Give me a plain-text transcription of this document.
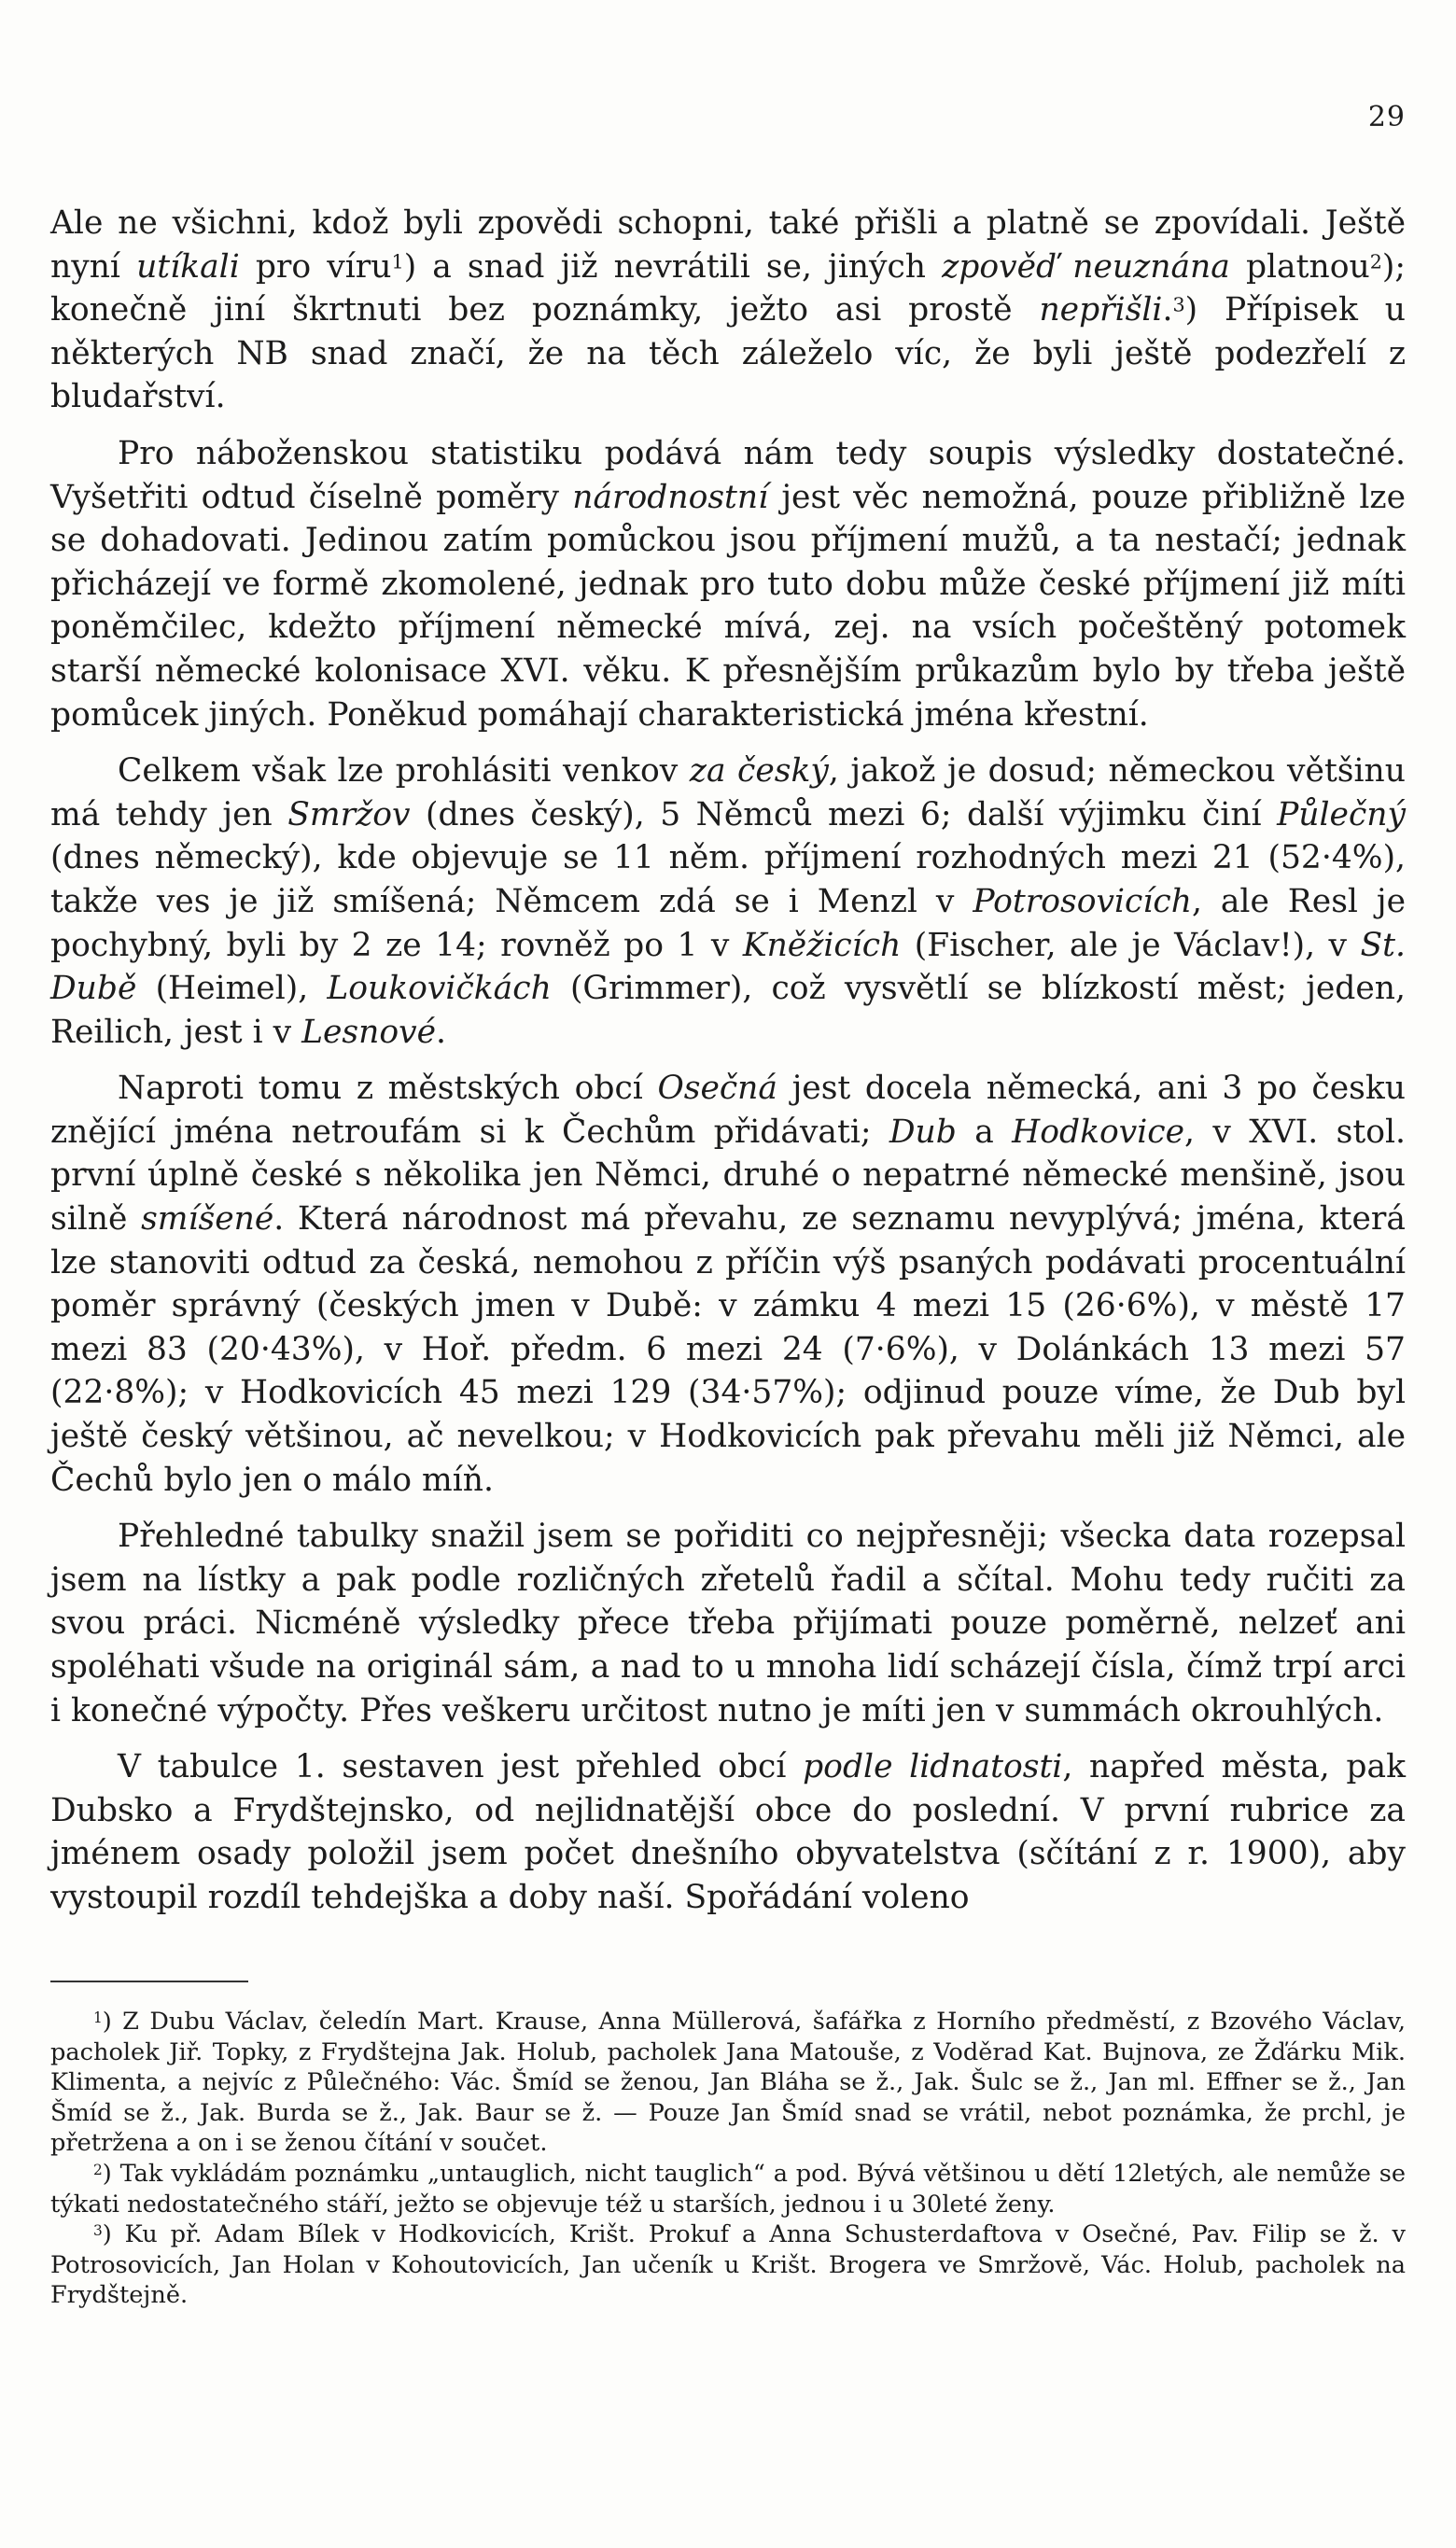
29

Ale ne všichni, kdož byli zpovědi schopni, také přišli a platně se zpovídali. Ještě nyní utíkali pro víru$^1$) a snad již nevrátili se, jiných zpověď neuznána platnou$^2$); konečně jiní škrtnuti bez poznámky, ježto asi prostě nepřišli.$^3$) Přípisek u některých NB snad značí, že na těch záleželo víc, že byli ještě podezřelí z bludařství.

Pro náboženskou statistiku podává nám tedy soupis výsledky dostatečné. Vyšetřiti odtud číselně poměry národnostní jest věc nemožná, pouze přibližně lze se dohadovati. Jedinou zatím pomůckou jsou příjmení mužů, a ta nestačí; jednak přicházejí ve formě zkomolené, jednak pro tuto dobu může české příjmení již míti poněmčilec, kdežto příjmení německé mívá, zej. na vsích počeštěný potomek starší německé kolonisace XVI. věku. K přesnějším průkazům bylo by třeba ještě pomůcek jiných. Poněkud pomáhají charakteristická jména křestní.

Celkem však lze prohlásiti venkov za český, jakož je dosud; německou většinu má tehdy jen Smržov (dnes český), 5 Němců mezi 6; další výjimku činí Půlečný (dnes německý), kde objevuje se 11 něm. příjmení rozhodných mezi 21 (52·4%), takže ves je již smíšená; Němcem zdá se i Menzl v Potrosovicích, ale Resl je pochybný, byli by 2 ze 14; rovněž po 1 v Kněžicích (Fischer, ale je Václav!), v St. Dubě (Heimel), Loukovičkách (Grimmer), což vysvětlí se blízkostí měst; jeden, Reilich, jest i v Lesnové.

Naproti tomu z městských obcí Osečná jest docela německá, ani 3 po česku znějící jména netroufám si k Čechům přidávati; Dub a Hodkovice, v XVI. stol. první úplně české s několika jen Němci, druhé o nepatrné německé menšině, jsou silně smíšené. Která národnost má převahu, ze seznamu nevyplývá; jména, která lze stanoviti odtud za česká, nemohou z příčin výš psaných podávati procentuální poměr správný (českých jmen v Dubě: v zámku 4 mezi 15 (26·6%), v městě 17 mezi 83 (20·43%), v Hoř. předm. 6 mezi 24 (7·6%), v Dolánkách 13 mezi 57 (22·8%); v Hodkovicích 45 mezi 129 (34·57%); odjinud pouze víme, že Dub byl ještě český většinou, ač nevelkou; v Hodkovicích pak převahu měli již Němci, ale Čechů bylo jen o málo míň.

Přehledné tabulky snažil jsem se pořiditi co nejpřesněji; všecka data rozepsal jsem na lístky a pak podle rozličných zřetelů řadil a sčítal. Mohu tedy ručiti za svou práci. Nicméně výsledky přece třeba přijímati pouze poměrně, nelzeť ani spoléhati všude na originál sám, a nad to u mnoha lidí scházejí čísla, čímž trpí arci i konečné výpočty. Přes veškeru určitost nutno je míti jen v summách okrouhlých.

V tabulce 1. sestaven jest přehled obcí podle lidnatosti, napřed města, pak Dubsko a Frydštejnsko, od nejlidnatější obce do poslední. V první rubrice za jménem osady položil jsem počet dnešního obyvatelstva (sčítání z r. 1900), aby vystoupil rozdíl tehdejška a doby naší. Spořádání voleno

$^1$) Z Dubu Václav, čeledín Mart. Krause, Anna Müllerová, šafářka z Horního předměstí, z Bzového Václav, pacholek Jiř. Topky, z Frydštejna Jak. Holub, pacholek Jana Matouše, z Voděrad Kat. Bujnova, ze Žďárku Mik. Klimenta, a nejvíc z Půlečného: Vác. Šmíd se ženou, Jan Bláha se ž., Jak. Šulc se ž., Jan ml. Effner se ž., Jan Šmíd se ž., Jak. Burda se ž., Jak. Baur se ž. — Pouze Jan Šmíd snad se vrátil, nebot poznámka, že prchl, je přetržena a on i se ženou čítání v součet.

$^2$) Tak vykládám poznámku „untauglich, nicht tauglich“ a pod. Bývá většinou u dětí 12letých, ale nemůže se týkati nedostatečného stáří, ježto se objevuje též u starších, jednou i u 30leté ženy.

$^3$) Ku př. Adam Bílek v Hodkovicích, Krišt. Prokuf a Anna Schusterdaftova v Osečné, Pav. Filip se ž. v Potrosovicích, Jan Holan v Kohoutovicích, Jan učeník u Krišt. Brogera ve Smržově, Vác. Holub, pacholek na Frydštejně.
